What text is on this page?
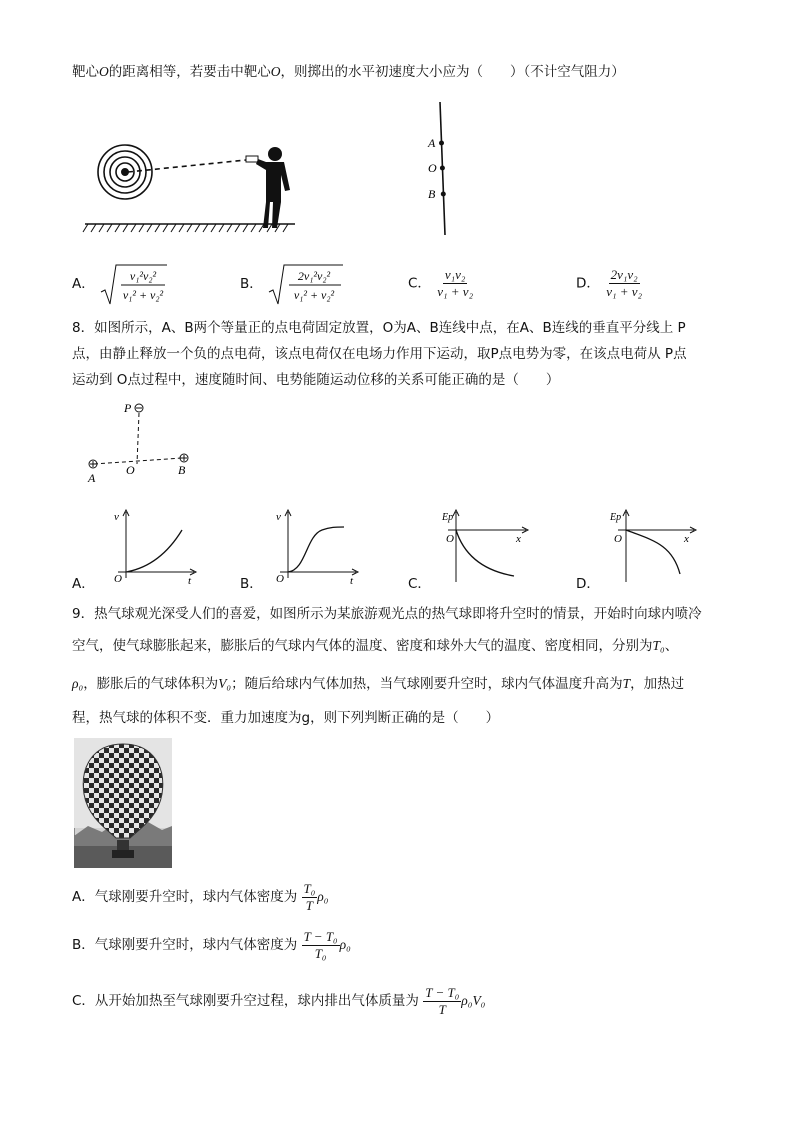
靶心O的距离相等，若要击中靶心O，则掷出的水平初速度大小应为（　　）（不计空气阻力）
A
O
B
A．	v₁²v₂²
v₁² + v₂²
B．	2v₁²v₂²
v₁² + v₂²
C． $\frac{\text{v₁v₂}}{\text{v₁ + v₂}}$	D． $\frac{\text{2v₁v₂}}{\text{v₁ + v₂}}$
8．如图所示，A、B两个等量正的点电荷固定放置，O为A、B连线中点，在A、B连线的垂直平分线上 P
点，由静止释放一个负的点电荷，该点电荷仅在电场力作用下运动，取P点电势为零，在该点电荷从 P点
运动到 O点过程中，速度随时间、电势能随运动位移的关系可能正确的是（　　）
P
O
A
B
A．
v
O	t	B．
v
O	t	C．
Ep
O	x
D．
Ep
O	x
9．热气球观光深受人们的喜爱，如图所示为某旅游观光点的热气球即将升空时的情景，开始时向球内喷冷
空气，使气球膨胀起来，膨胀后的气球内气体的温度、密度和球外大气的温度、密度相同，分别为T₀、
ρ₀，膨胀后的气球体积为V₀；随后给球内气体加热，当气球刚要升空时，球内气体温度升高为T，加热过
程，热气球的体积不变．重力加速度为g，则下列判断正确的是（　　）
A．气球刚要升空时，球内气体密度为 $\frac{\text{T₀}}{T} \rho_0$
B．气球刚要升空时，球内气体密度为 $\frac{\text{T − T₀}}{\text{T₀}} \rho_0$
C．从开始加热至气球刚要升空过程，球内排出气体质量为 $\frac{\text{T − T₀}}{T} \rho_0V_0$
